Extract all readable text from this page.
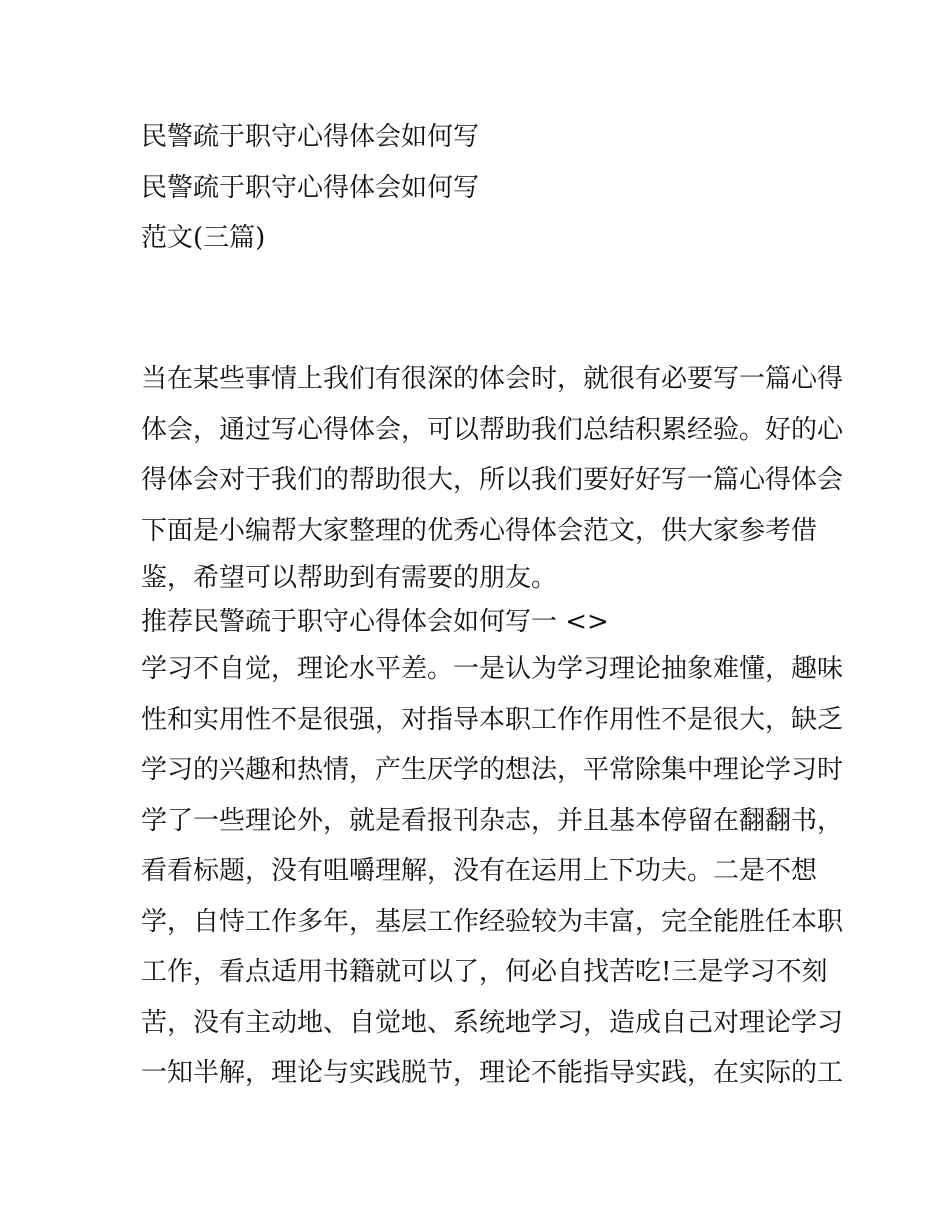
民警疏于职守心得体会如何写
民警疏于职守心得体会如何写
范文(三篇)
当在某些事情上我们有很深的体会时，就很有必要写一篇心得
体会，通过写心得体会，可以帮助我们总结积累经验。好的心
得体会对于我们的帮助很大，所以我们要好好写一篇心得体会
下面是小编帮大家整理的优秀心得体会范文，供大家参考借
鉴，希望可以帮助到有需要的朋友。
推荐民警疏于职守心得体会如何写一 <>
学习不自觉，理论水平差。一是认为学习理论抽象难懂，趣味
性和实用性不是很强，对指导本职工作作用性不是很大，缺乏
学习的兴趣和热情，产生厌学的想法，平常除集中理论学习时
学了一些理论外，就是看报刊杂志，并且基本停留在翻翻书，
看看标题，没有咀嚼理解，没有在运用上下功夫。二是不想
学，自恃工作多年，基层工作经验较为丰富，完全能胜任本职
工作，看点适用书籍就可以了，何必自找苦吃!三是学习不刻
苦，没有主动地、自觉地、系统地学习，造成自己对理论学习
一知半解，理论与实践脱节，理论不能指导实践，在实际的工
